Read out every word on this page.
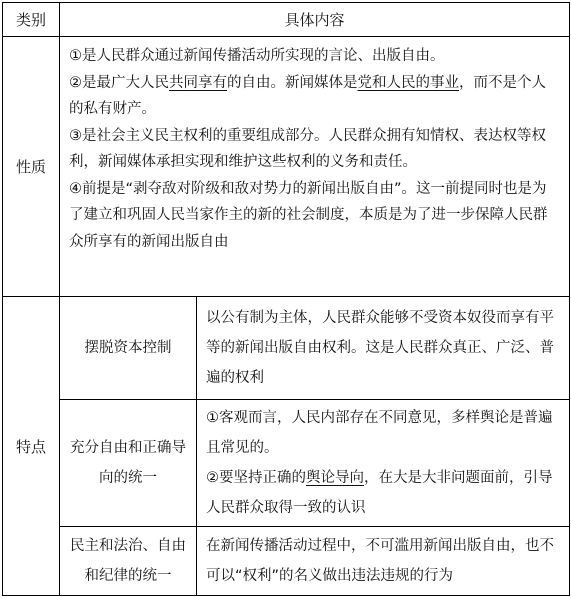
类别	具体内容	
性质	①是人民群众通过新闻传播活动所实现的言论、出版自由。

②是最广大人民共同享有的自由。新闻媒体是党和人民的事业，而不是个人的私有财产。

③是社会主义民主权利的重要组成部分。人民群众拥有知情权、表达权等权利，新闻媒体承担实现和维护这些权利的义务和责任。

④前提是“剥夺敌对阶级和敌对势力的新闻出版自由”。这一前提同时也是为了建立和巩固人民当家作主的新的社会制度，本质是为了进一步保障人民群众所享有的新闻出版自由	

特点	摆脱资本控制	以公有制为主体，人民群众能够不受资本奴役而享有平等的新闻出版自由权利。这是人民群众真正、广泛、普遍的权利
	充分自由和正确导向的统一	①客观而言，人民内部存在不同意见，多样舆论是普遍且常见的。

②要坚持正确的舆论导向，在大是大非问题面前，引导人民群众取得一致的认识

	民主和法治、自由和纪律的统一	在新闻传播活动过程中，不可滥用新闻出版自由，也不可以“权利”的名义做出违法违规的行为
